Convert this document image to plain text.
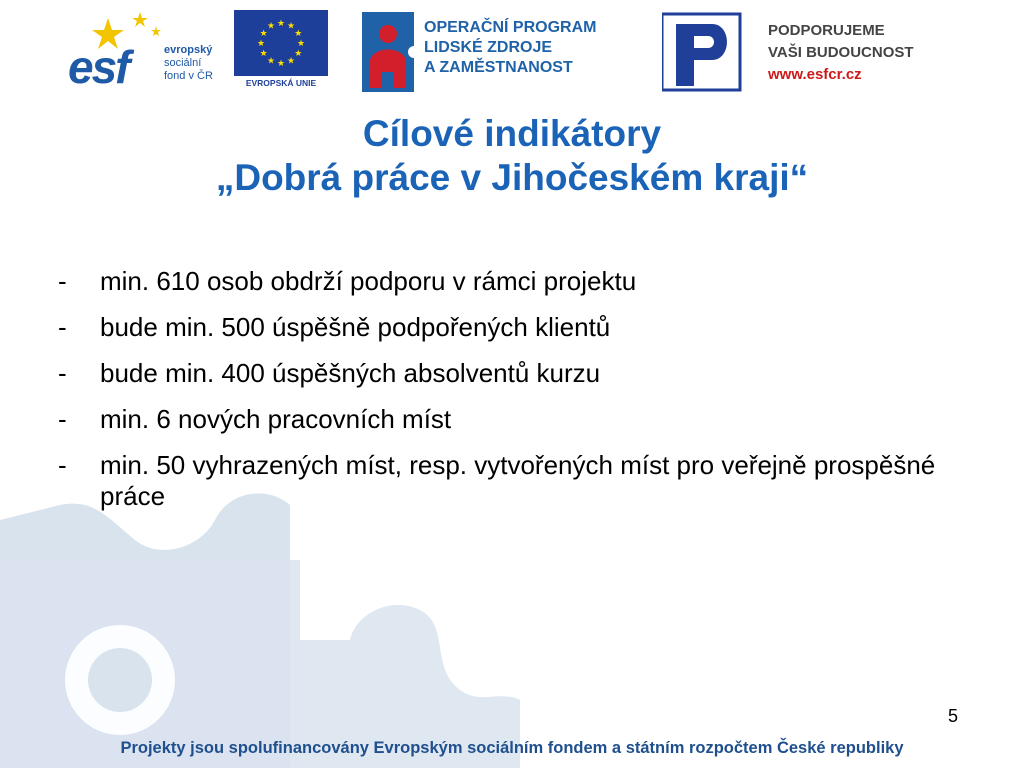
esf	evropský
sociální
fond v ČR
★ ★
★
★
★
★
★
★
★
★
★
★
EVROPSKÁ UNIE
OPERAČNÍ PROGRAM
LIDSKÉ ZDROJE
A ZAMĚSTNANOST
PODPORUJEME
VAŠI BUDOUCNOST
www.esfcr.cz
Cílové indikátory
„Dobrá práce v Jihočeském kraji“
- min. 610 osob obdrží podporu v rámci projektu
- bude min. 500 úspěšně podpořených klientů
- bude min. 400 úspěšných absolventů kurzu
- min. 6 nových pracovních míst
- min. 50 vyhrazených míst, resp. vytvořených míst pro veřejně prospěšné práce
5
Projekty jsou spolufinancovány Evropským sociálním fondem a státním rozpočtem České republiky
